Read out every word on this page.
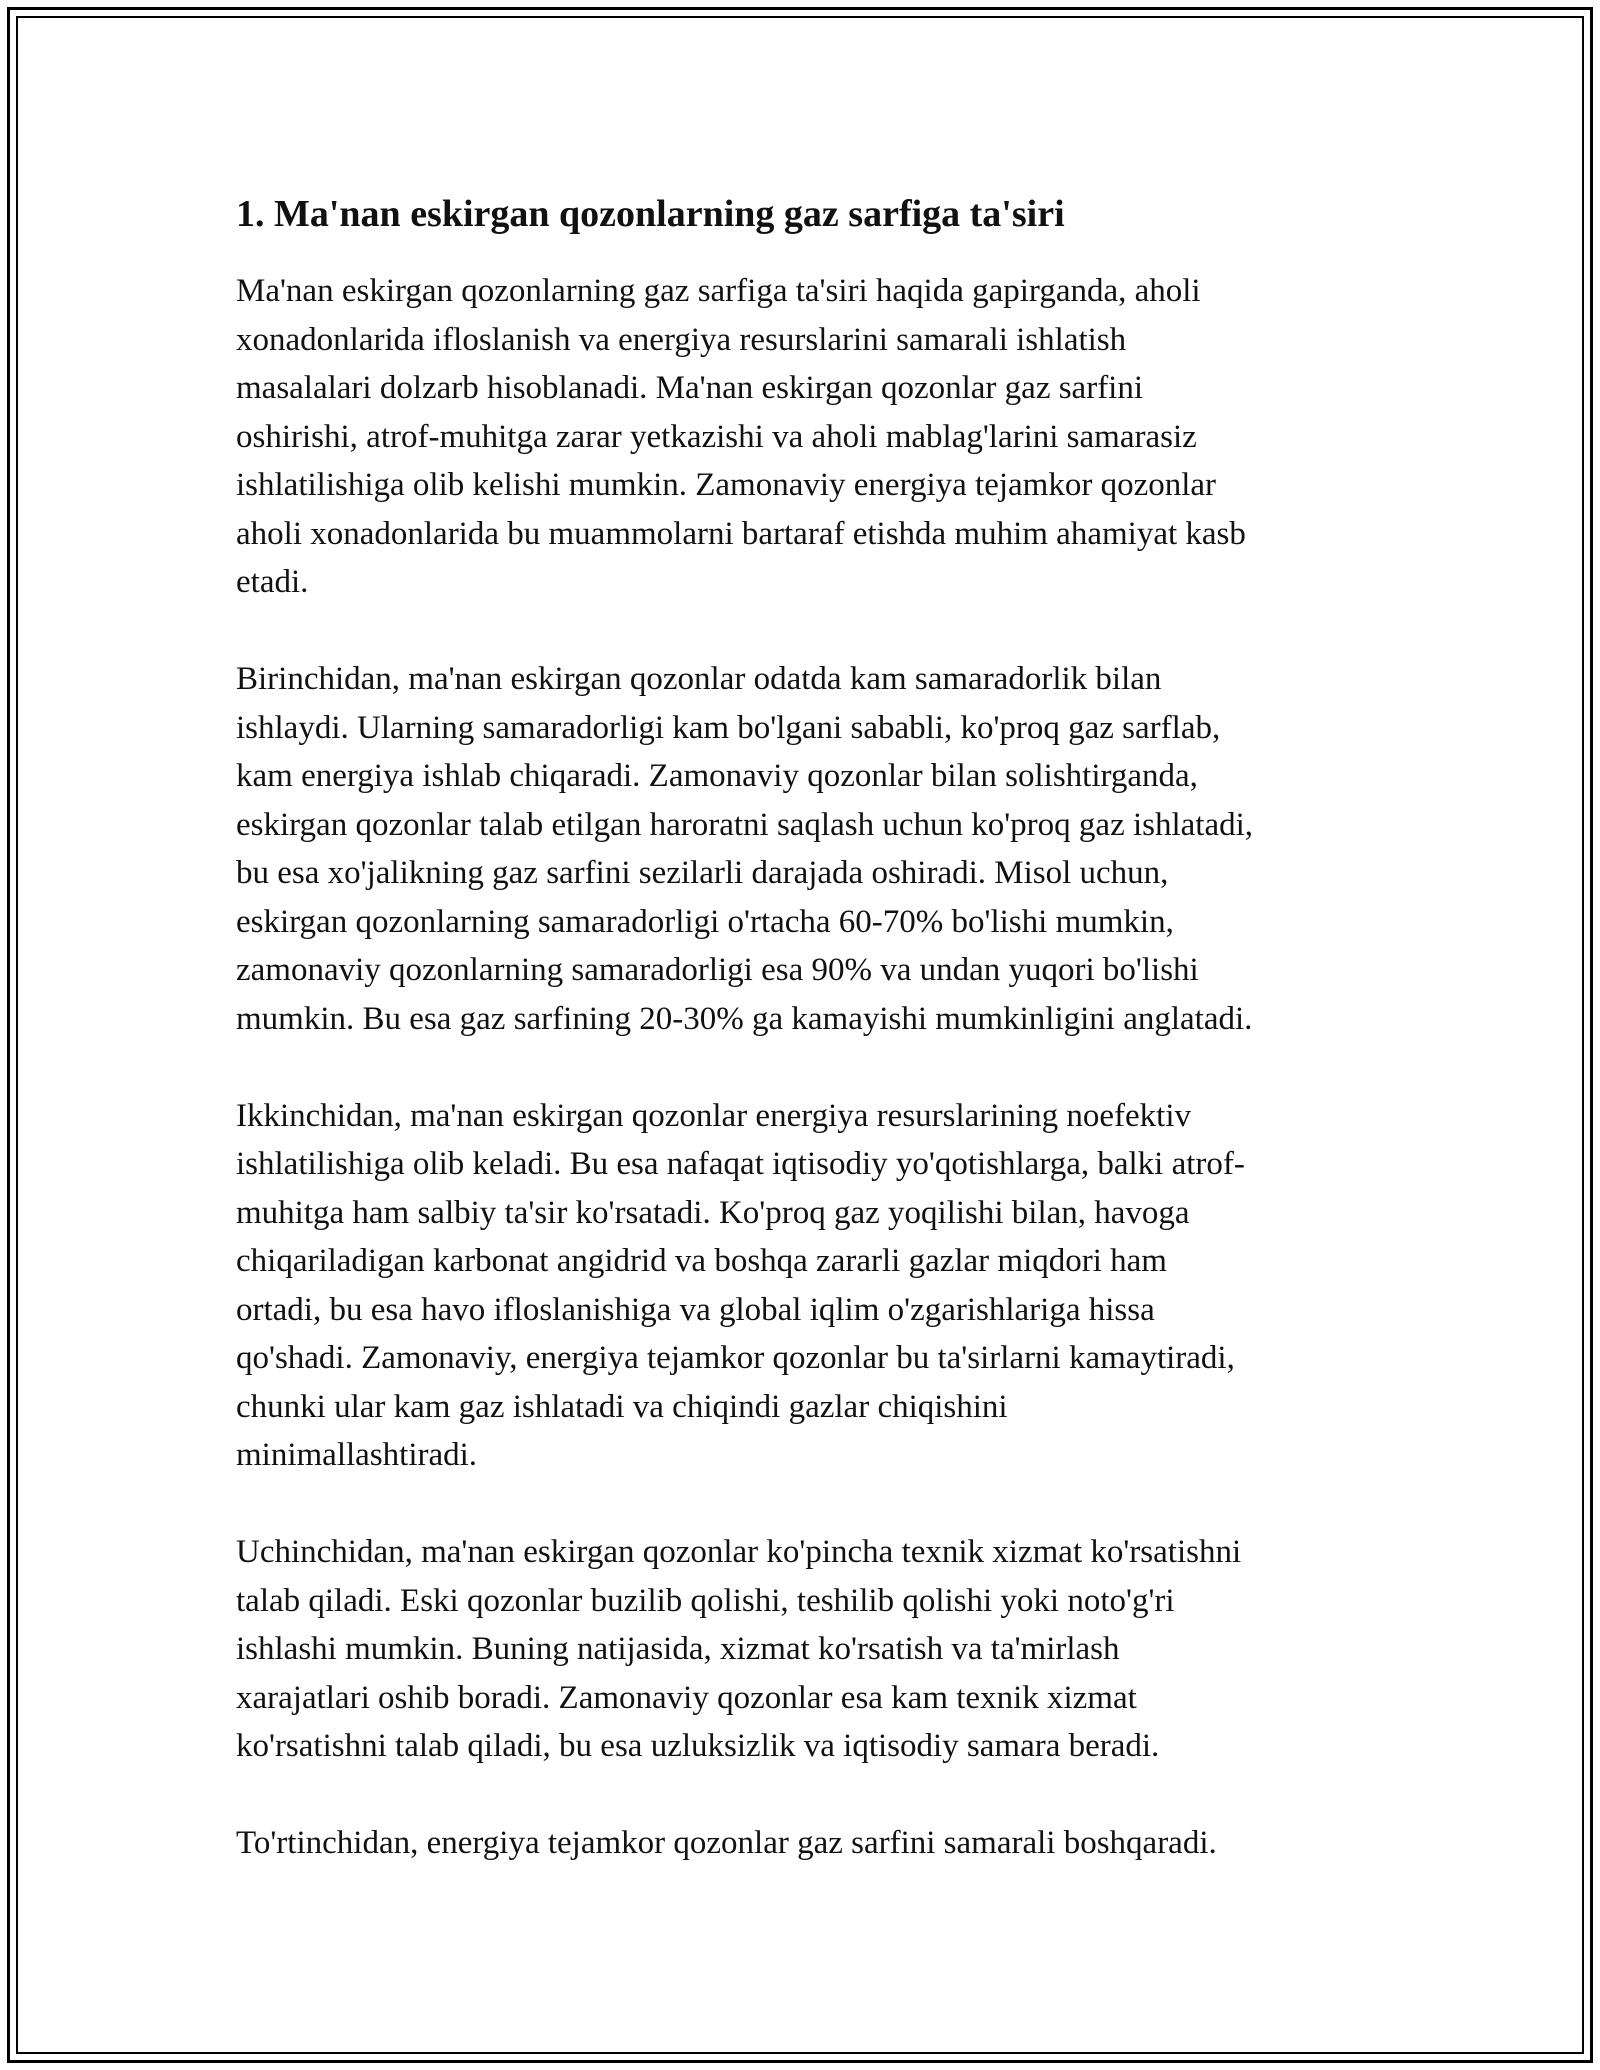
1. Ma'nan eskirgan qozonlarning gaz sarfiga ta'siri

Ma'nan eskirgan qozonlarning gaz sarfiga ta'siri haqida gapirganda, aholi
xonadonlarida ifloslanish va energiya resurslarini samarali ishlatish
masalalari dolzarb hisoblanadi. Ma'nan eskirgan qozonlar gaz sarfini
oshirishi, atrof-muhitga zarar yetkazishi va aholi mablag'larini samarasiz
ishlatilishiga olib kelishi mumkin. Zamonaviy energiya tejamkor qozonlar
aholi xonadonlarida bu muammolarni bartaraf etishda muhim ahamiyat kasb
etadi.

Birinchidan, ma'nan eskirgan qozonlar odatda kam samaradorlik bilan
ishlaydi. Ularning samaradorligi kam bo'lgani sababli, ko'proq gaz sarflab,
kam energiya ishlab chiqaradi. Zamonaviy qozonlar bilan solishtirganda,
eskirgan qozonlar talab etilgan haroratni saqlash uchun ko'proq gaz ishlatadi,
bu esa xo'jalikning gaz sarfini sezilarli darajada oshiradi. Misol uchun,
eskirgan qozonlarning samaradorligi o'rtacha 60-70% bo'lishi mumkin,
zamonaviy qozonlarning samaradorligi esa 90% va undan yuqori bo'lishi
mumkin. Bu esa gaz sarfining 20-30% ga kamayishi mumkinligini anglatadi.

Ikkinchidan, ma'nan eskirgan qozonlar energiya resurslarining noefektiv
ishlatilishiga olib keladi. Bu esa nafaqat iqtisodiy yo'qotishlarga, balki atrof-
muhitga ham salbiy ta'sir ko'rsatadi. Ko'proq gaz yoqilishi bilan, havoga
chiqariladigan karbonat angidrid va boshqa zararli gazlar miqdori ham
ortadi, bu esa havo ifloslanishiga va global iqlim o'zgarishlariga hissa
qo'shadi. Zamonaviy, energiya tejamkor qozonlar bu ta'sirlarni kamaytiradi,
chunki ular kam gaz ishlatadi va chiqindi gazlar chiqishini
minimallashtiradi.

Uchinchidan, ma'nan eskirgan qozonlar ko'pincha texnik xizmat ko'rsatishni
talab qiladi. Eski qozonlar buzilib qolishi, teshilib qolishi yoki noto'g'ri
ishlashi mumkin. Buning natijasida, xizmat ko'rsatish va ta'mirlash
xarajatlari oshib boradi. Zamonaviy qozonlar esa kam texnik xizmat
ko'rsatishni talab qiladi, bu esa uzluksizlik va iqtisodiy samara beradi.

To'rtinchidan, energiya tejamkor qozonlar gaz sarfini samarali boshqaradi.
